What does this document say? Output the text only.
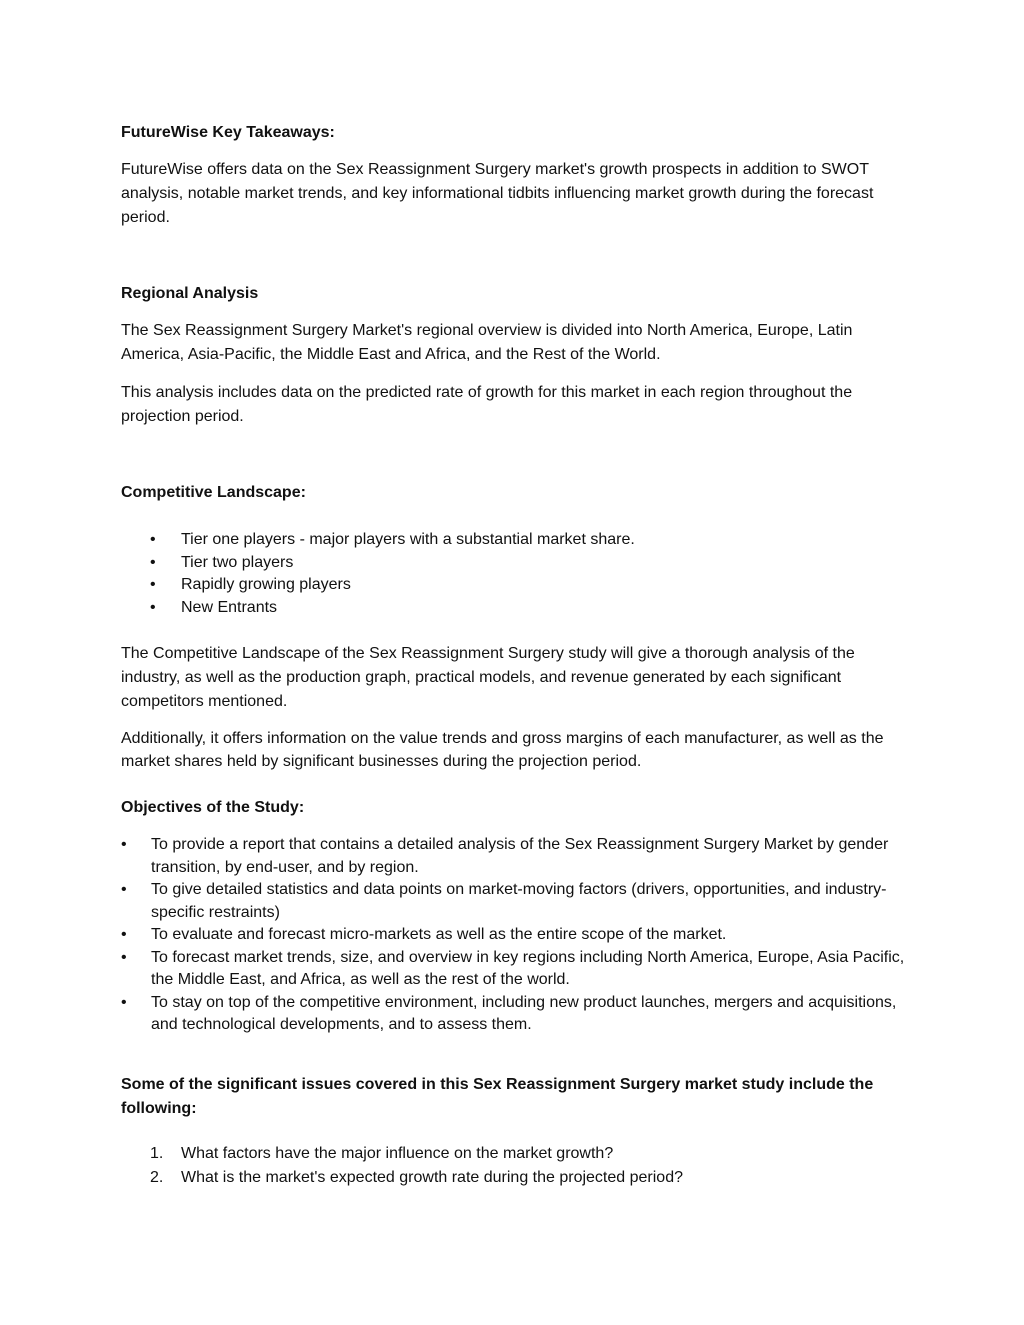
FutureWise Key Takeaways:

FutureWise offers data on the Sex Reassignment Surgery market's growth prospects in addition to SWOT analysis, notable market trends, and key informational tidbits influencing market growth during the forecast period.

Regional Analysis

The Sex Reassignment Surgery Market's regional overview is divided into North America, Europe, Latin America, Asia-Pacific, the Middle East and Africa, and the Rest of the World.

This analysis includes data on the predicted rate of growth for this market in each region throughout the projection period.

Competitive Landscape:

• Tier one players - major players with a substantial market share.
• Tier two players
• Rapidly growing players
• New Entrants

The Competitive Landscape of the Sex Reassignment Surgery study will give a thorough analysis of the industry, as well as the production graph, practical models, and revenue generated by each significant competitors mentioned.

Additionally, it offers information on the value trends and gross margins of each manufacturer, as well as the market shares held by significant businesses during the projection period.

Objectives of the Study:

• To provide a report that contains a detailed analysis of the Sex Reassignment Surgery Market by gender transition, by end-user, and by region.
• To give detailed statistics and data points on market-moving factors (drivers, opportunities, and industry-specific restraints)
• To evaluate and forecast micro-markets as well as the entire scope of the market.
• To forecast market trends, size, and overview in key regions including North America, Europe, Asia Pacific, the Middle East, and Africa, as well as the rest of the world.
• To stay on top of the competitive environment, including new product launches, mergers and acquisitions, and technological developments, and to assess them.

Some of the significant issues covered in this Sex Reassignment Surgery market study include the following:

1. What factors have the major influence on the market growth?
2. What is the market's expected growth rate during the projected period?
